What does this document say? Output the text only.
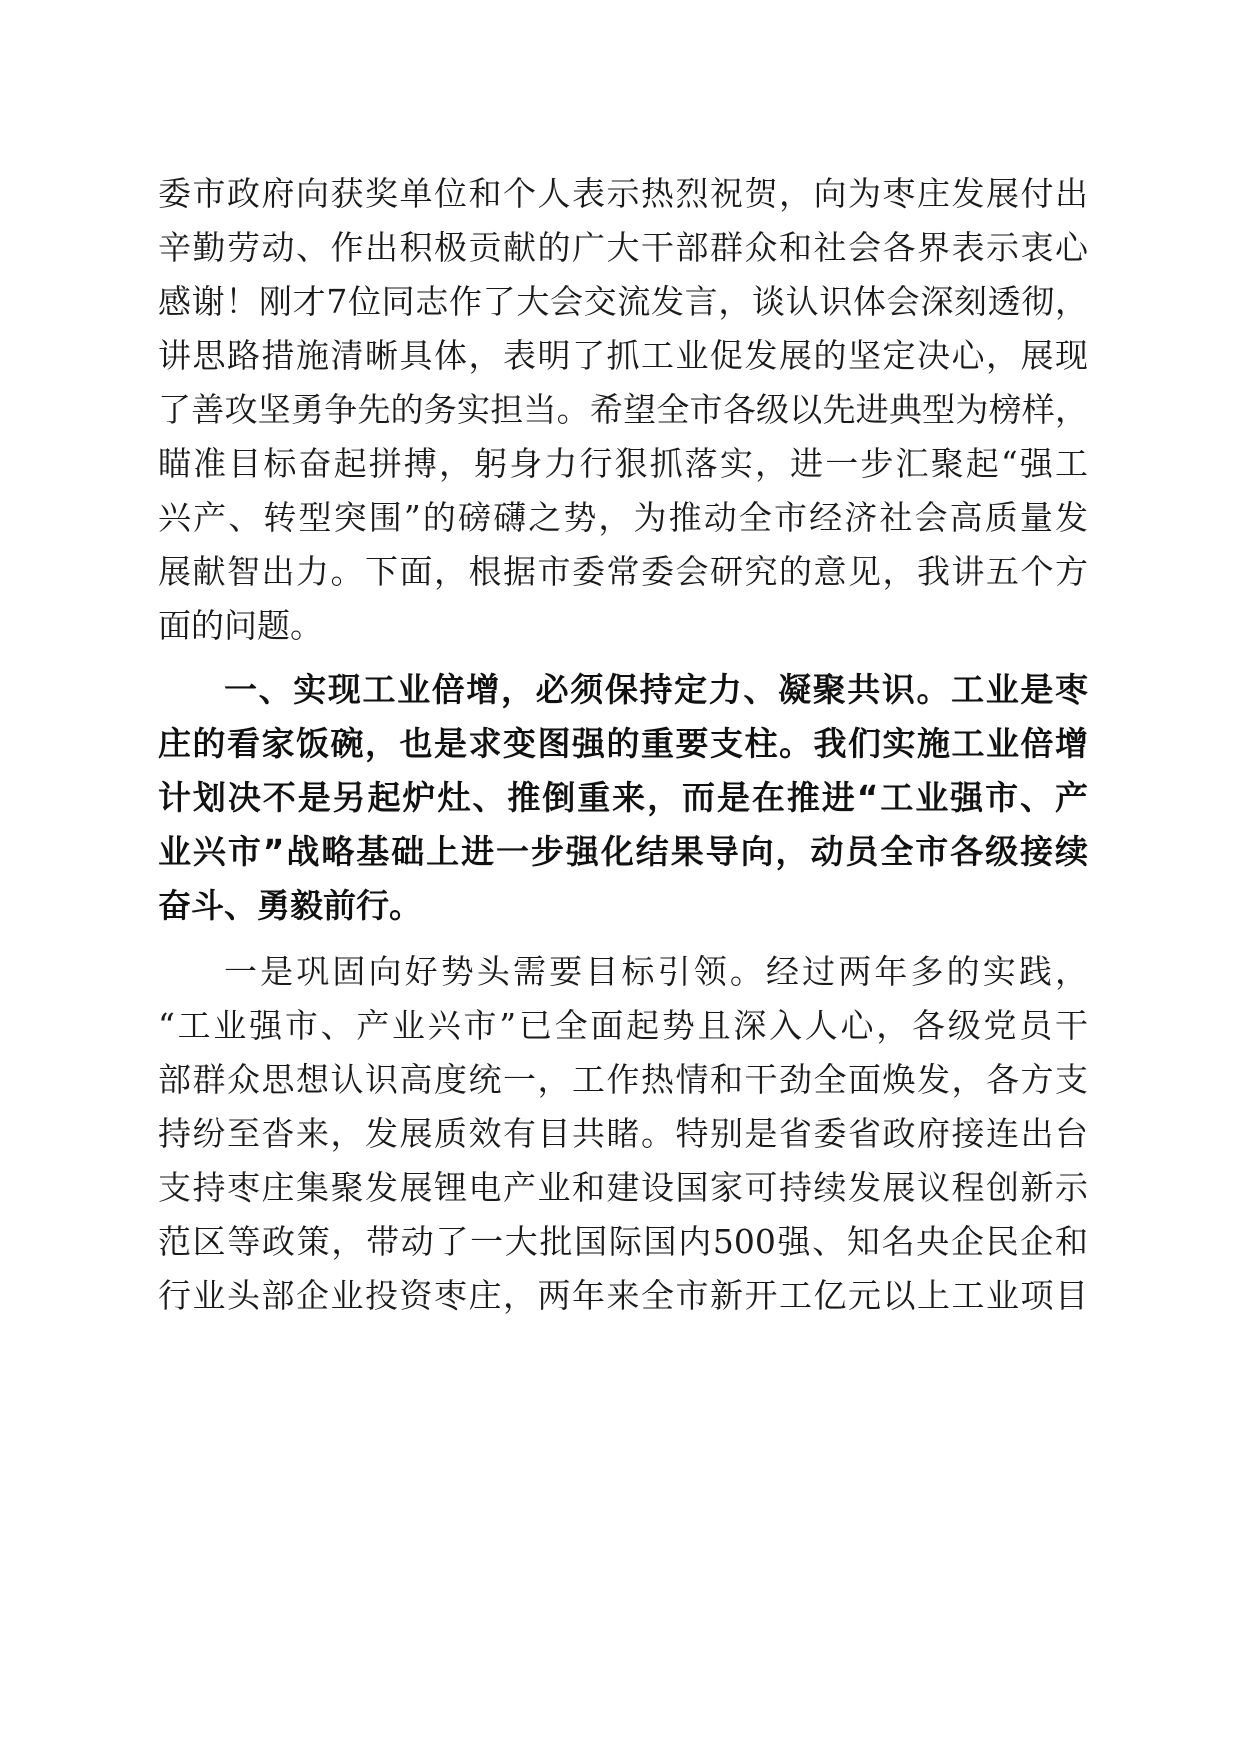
委市政府向获奖单位和个人表示热烈祝贺，向为枣庄发展付出
辛勤劳动、作出积极贡献的广大干部群众和社会各界表示衷心
感谢！刚才7位同志作了大会交流发言，谈认识体会深刻透彻，
讲思路措施清晰具体，表明了抓工业促发展的坚定决心，展现
了善攻坚勇争先的务实担当。希望全市各级以先进典型为榜样，
瞄准目标奋起拼搏，躬身力行狠抓落实，进一步汇聚起“强工
兴产、转型突围”的磅礴之势，为推动全市经济社会高质量发
展献智出力。下面，根据市委常委会研究的意见，我讲五个方
面的问题。
一、实现工业倍增，必须保持定力、凝聚共识。工业是枣
庄的看家饭碗，也是求变图强的重要支柱。我们实施工业倍增
计划决不是另起炉灶、推倒重来，而是在推进“工业强市、产
业兴市”战略基础上进一步强化结果导向，动员全市各级接续
奋斗、勇毅前行。
一是巩固向好势头需要目标引领。经过两年多的实践，
“工业强市、产业兴市”已全面起势且深入人心，各级党员干
部群众思想认识高度统一，工作热情和干劲全面焕发，各方支
持纷至沓来，发展质效有目共睹。特别是省委省政府接连出台
支持枣庄集聚发展锂电产业和建设国家可持续发展议程创新示
范区等政策，带动了一大批国际国内500强、知名央企民企和
行业头部企业投资枣庄，两年来全市新开工亿元以上工业项目
